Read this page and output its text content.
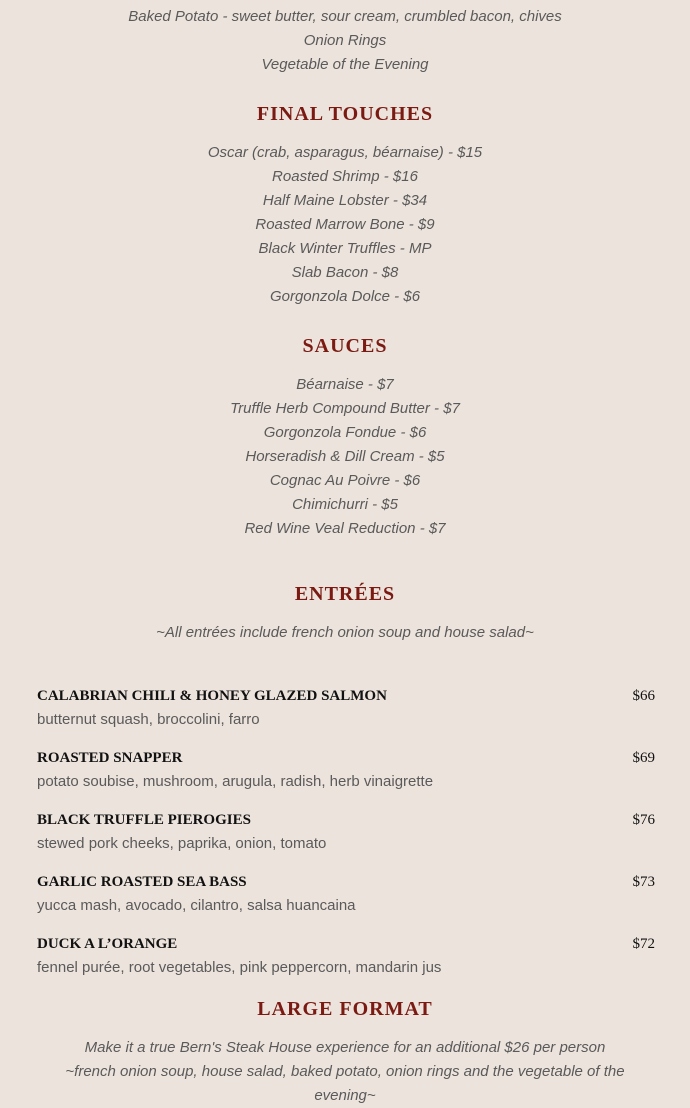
Baked Potato - sweet butter, sour cream, crumbled bacon, chives
Onion Rings
Vegetable of the Evening
FINAL TOUCHES
Oscar (crab, asparagus, béarnaise) - $15
Roasted Shrimp - $16
Half Maine Lobster - $34
Roasted Marrow Bone - $9
Black Winter Truffles - MP
Slab Bacon - $8
Gorgonzola Dolce - $6
SAUCES
Béarnaise - $7
Truffle Herb Compound Butter - $7
Gorgonzola Fondue - $6
Horseradish & Dill Cream - $5
Cognac Au Poivre - $6
Chimichurri - $5
Red Wine Veal Reduction - $7
ENTRÉES
~All entrées include french onion soup and house salad~
CALABRIAN CHILI & HONEY GLAZED SALMON	$66
butternut squash, broccolini, farro
ROASTED SNAPPER	$69
potato soubise, mushroom, arugula, radish, herb vinaigrette
BLACK TRUFFLE PIEROGIES	$76
stewed pork cheeks, paprika, onion, tomato
GARLIC ROASTED SEA BASS	$73
yucca mash, avocado, cilantro, salsa huancaina
DUCK A L’ORANGE	$72
fennel purée, root vegetables, pink peppercorn, mandarin jus
LARGE FORMAT
Make it a true Bern's Steak House experience for an additional $26 per person
~french onion soup, house salad, baked potato, onion rings and the vegetable of the
evening~
